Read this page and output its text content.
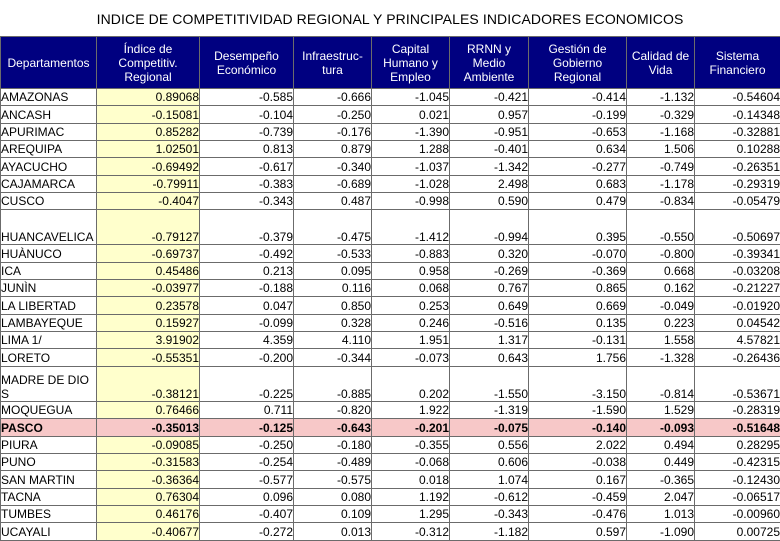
INDICE DE COMPETITIVIDAD REGIONAL Y PRINCIPALES INDICADORES ECONOMICOS
Departamentos	Índice de Competitiv. Regional	Desempeño Económico	Infraestruc-tura	Capital Humano y Empleo	RRNN y Medio Ambiente	Gestión de Gobierno Regional	Calidad de Vida	Sistema Financiero
AMAZONAS	0.89068	-0.585	-0.666	-1.045	-0.421	-0.414	-1.132	-0.54604
ANCASH	-0.15081	-0.104	-0.250	0.021	0.957	-0.199	-0.329	-0.14348
APURIMAC	0.85282	-0.739	-0.176	-1.390	-0.951	-0.653	-1.168	-0.32881
AREQUIPA	1.02501	0.813	0.879	1.288	-0.401	0.634	1.506	0.10288
AYACUCHO	-0.69492	-0.617	-0.340	-1.037	-1.342	-0.277	-0.749	-0.26351
CAJAMARCA	-0.79911	-0.383	-0.689	-1.028	2.498	0.683	-1.178	-0.29319
CUSCO	-0.4047	-0.343	0.487	-0.998	0.590	0.479	-0.834	-0.05479
HUANCAVELICA	-0.79127	-0.379	-0.475	-1.412	-0.994	0.395	-0.550	-0.50697
HUÀNUCO	-0.69737	-0.492	-0.533	-0.883	0.320	-0.070	-0.800	-0.39341
ICA	0.45486	0.213	0.095	0.958	-0.269	-0.369	0.668	-0.03208
JUNÌN	-0.03977	-0.188	0.116	0.068	0.767	0.865	0.162	-0.21227
LA LIBERTAD	0.23578	0.047	0.850	0.253	0.649	0.669	-0.049	-0.01920
LAMBAYEQUE	0.15927	-0.099	0.328	0.246	-0.516	0.135	0.223	0.04542
LIMA 1/	3.91902	4.359	4.110	1.951	1.317	-0.131	1.558	4.57821
LORETO	-0.55351	-0.200	-0.344	-0.073	0.643	1.756	-1.328	-0.26436
MADRE DE DIOS	-0.38121	-0.225	-0.885	0.202	-1.550	-3.150	-0.814	-0.53671
MOQUEGUA	0.76466	0.711	-0.820	1.922	-1.319	-1.590	1.529	-0.28319
PASCO	-0.35013	-0.125	-0.643	-0.201	-0.075	-0.140	-0.093	-0.51648
PIURA	-0.09085	-0.250	-0.180	-0.355	0.556	2.022	0.494	0.28295
PUNO	-0.31583	-0.254	-0.489	-0.068	0.606	-0.038	0.449	-0.42315
SAN MARTIN	-0.36364	-0.577	-0.575	0.018	1.074	0.167	-0.365	-0.12430
TACNA	0.76304	0.096	0.080	1.192	-0.612	-0.459	2.047	-0.06517
TUMBES	0.46176	-0.407	0.109	1.295	-0.343	-0.476	1.013	-0.00960
UCAYALI	-0.40677	-0.272	0.013	-0.312	-1.182	0.597	-1.090	0.00725
